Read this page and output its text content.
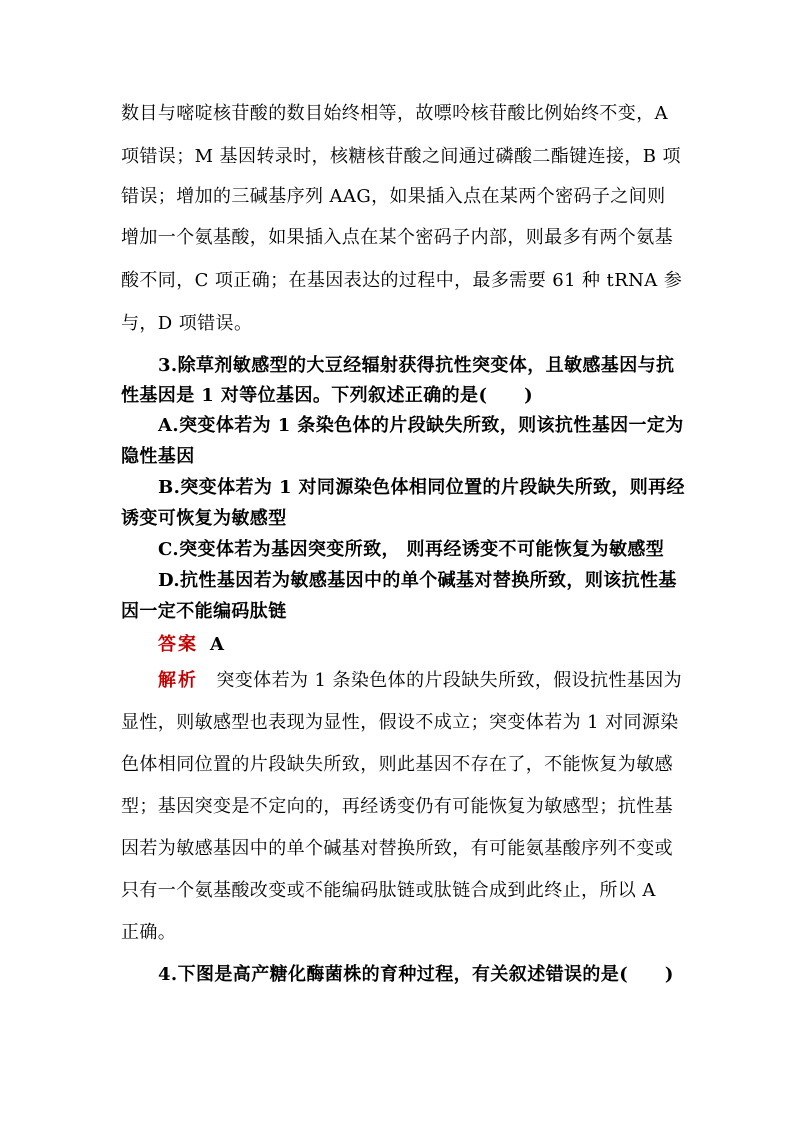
数目与嘧啶核苷酸的数目始终相等，故嘌呤核苷酸比例始终不变，A
项错误；M 基因转录时，核糖核苷酸之间通过磷酸二酯键连接，B 项
错误；增加的三碱基序列 AAG，如果插入点在某两个密码子之间则
增加一个氨基酸，如果插入点在某个密码子内部，则最多有两个氨基
酸不同，C 项正确；在基因表达的过程中，最多需要 61 种 tRNA 参
与，D 项错误。
3.除草剂敏感型的大豆经辐射获得抗性突变体，且敏感基因与抗
性基因是 1 对等位基因。下列叙述正确的是(　　)
A.突变体若为 1 条染色体的片段缺失所致，则该抗性基因一定为
隐性基因
B.突变体若为 1 对同源染色体相同位置的片段缺失所致，则再经
诱变可恢复为敏感型
C.突变体若为基因突变所致， 则再经诱变不可能恢复为敏感型
D.抗性基因若为敏感基因中的单个碱基对替换所致，则该抗性基
因一定不能编码肽链
答案 A
解析 突变体若为 1 条染色体的片段缺失所致，假设抗性基因为
显性，则敏感型也表现为显性，假设不成立；突变体若为 1 对同源染
色体相同位置的片段缺失所致，则此基因不存在了，不能恢复为敏感
型；基因突变是不定向的，再经诱变仍有可能恢复为敏感型；抗性基
因若为敏感基因中的单个碱基对替换所致，有可能氨基酸序列不变或
只有一个氨基酸改变或不能编码肽链或肽链合成到此终止，所以 A
正确。
4.下图是高产糖化酶菌株的育种过程，有关叙述错误的是(　　)
